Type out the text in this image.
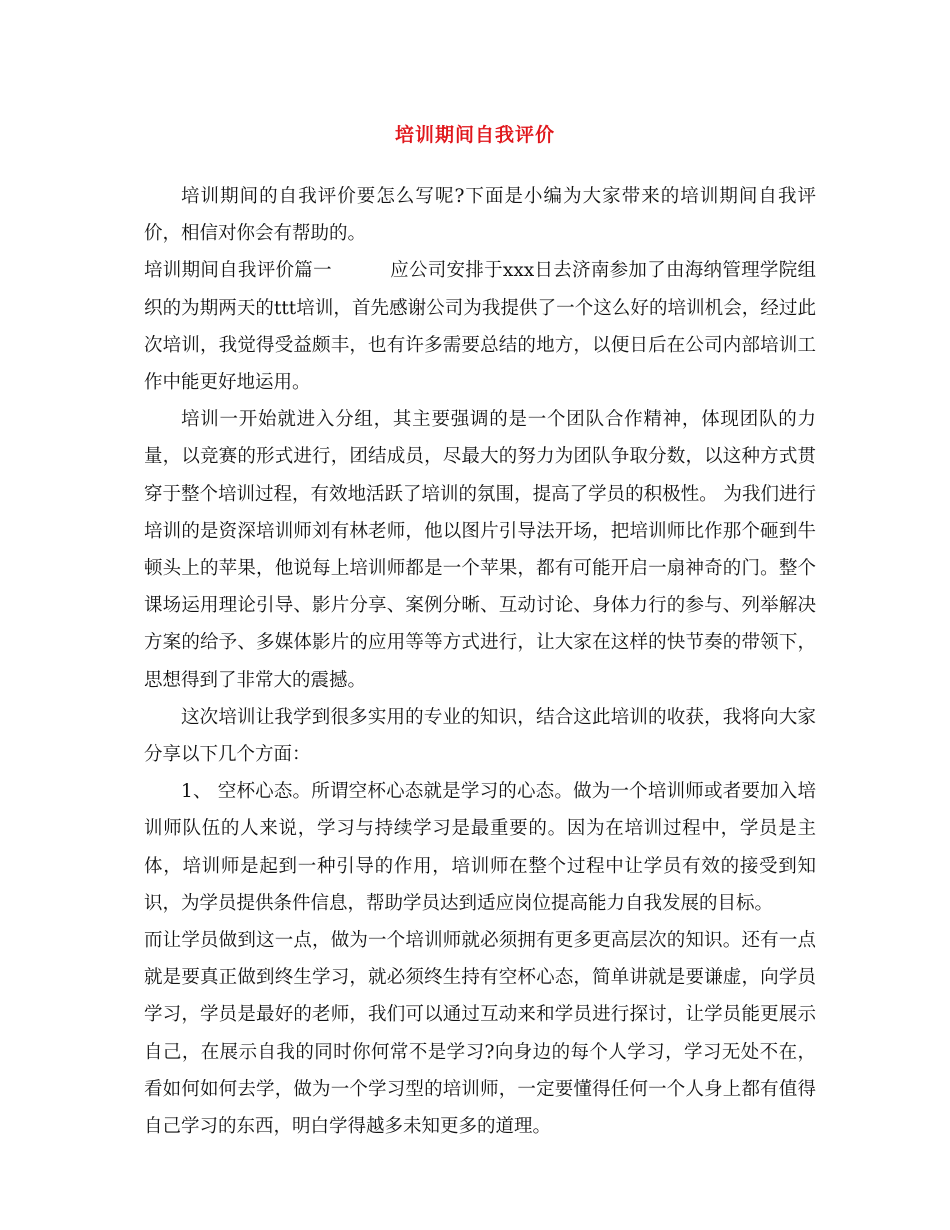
培训期间自我评价

培训期间的自我评价要怎么写呢?下面是小编为大家带来的培训期间自我评价，相信对你会有帮助的。

培训期间自我评价篇一	应公司安排于xxx日去济南参加了由海纳管理学院组织的为期两天的ttt培训，首先感谢公司为我提供了一个这么好的培训机会，经过此次培训，我觉得受益颇丰，也有许多需要总结的地方，以便日后在公司内部培训工作中能更好地运用。

培训一开始就进入分组，其主要强调的是一个团队合作精神，体现团队的力量，以竞赛的形式进行，团结成员，尽最大的努力为团队争取分数，以这种方式贯穿于整个培训过程，有效地活跃了培训的氛围，提高了学员的积极性。 为我们进行培训的是资深培训师刘有林老师，他以图片引导法开场，把培训师比作那个砸到牛顿头上的苹果，他说每上培训师都是一个苹果，都有可能开启一扇神奇的门。整个课场运用理论引导、影片分享、案例分晰、互动讨论、身体力行的参与、列举解决方案的给予、多媒体影片的应用等等方式进行，让大家在这样的快节奏的带领下，思想得到了非常大的震撼。

这次培训让我学到很多实用的专业的知识，结合这此培训的收获，我将向大家分享以下几个方面：

1、 空杯心态。所谓空杯心态就是学习的心态。做为一个培训师或者要加入培训师队伍的人来说，学习与持续学习是最重要的。因为在培训过程中，学员是主体，培训师是起到一种引导的作用，培训师在整个过程中让学员有效的接受到知识，为学员提供条件信息，帮助学员达到适应岗位提高能力自我发展的目标。

而让学员做到这一点，做为一个培训师就必须拥有更多更高层次的知识。还有一点就是要真正做到终生学习，就必须终生持有空杯心态，简单讲就是要谦虚，向学员学习，学员是最好的老师，我们可以通过互动来和学员进行探讨，让学员能更展示自己，在展示自我的同时你何常不是学习?向身边的每个人学习，学习无处不在，看如何如何去学，做为一个学习型的培训师，一定要懂得任何一个人身上都有值得自己学习的东西，明白学得越多未知更多的道理。
